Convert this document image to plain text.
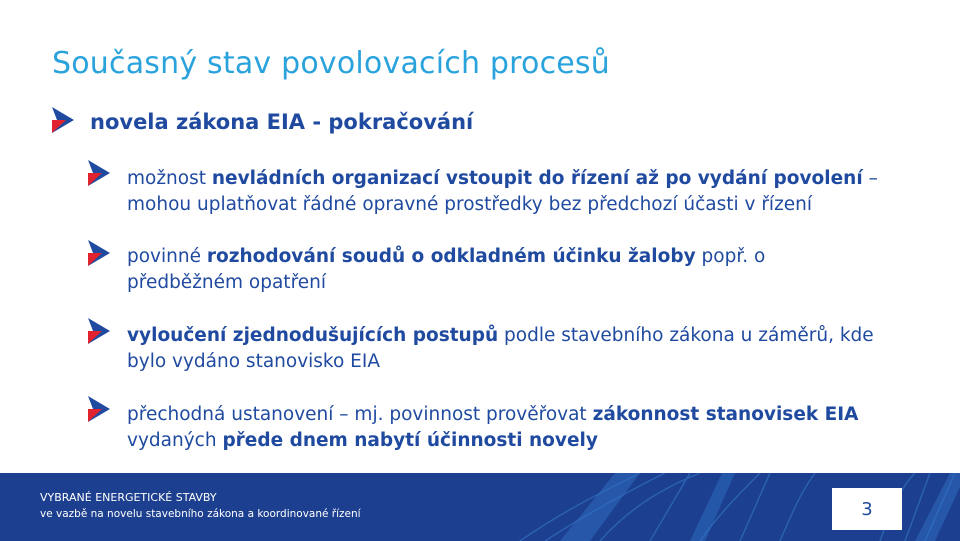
Současný stav povolovacích procesů
novela zákona EIA - pokračování
možnost nevládních organizací vstoupit do řízení až po vydání povolení –
mohou uplatňovat řádné opravné prostředky bez předchozí účasti v řízení
povinné rozhodování soudů o odkladném účinku žaloby popř. o
předběžném opatření
vyloučení zjednodušujících postupů podle stavebního zákona u záměrů, kde
bylo vydáno stanovisko EIA
přechodná ustanovení – mj. povinnost prověřovat zákonnost stanovisek EIA
vydaných přede dnem nabytí účinnosti novely
VYBRANÉ ENERGETICKÉ STAVBY
ve vazbě na novelu stavebního zákona a koordinované řízení	3
